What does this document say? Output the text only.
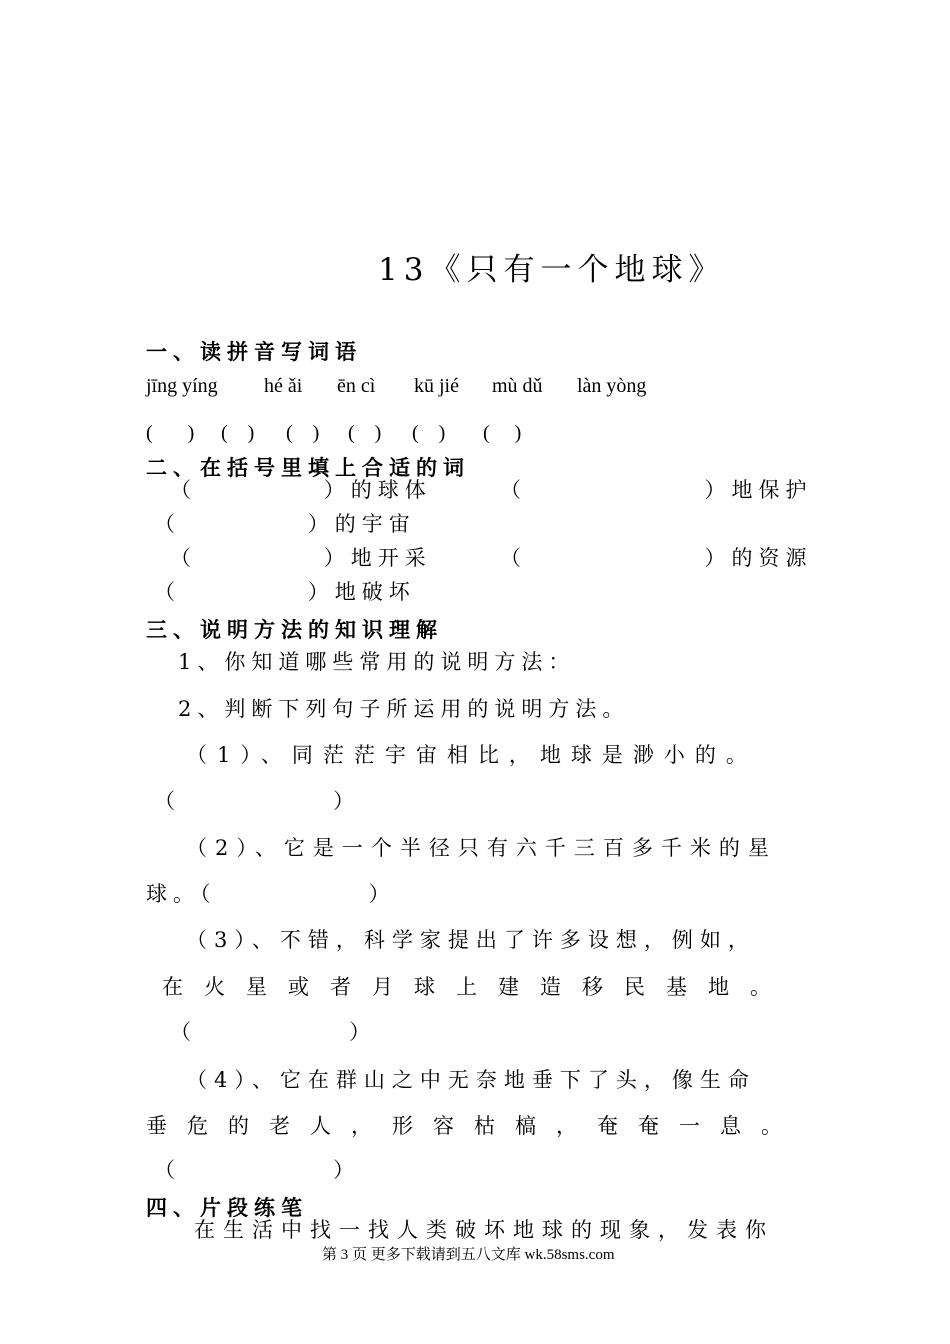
13《只有一个地球》
一、读拼音写词语
jīng yíng hé ǎi ēn cì kū jié mù dǔ làn yòng
(       ) (    ) (    ) (    ) (    ) (     )
二、在括号里填上合适的词
（          ）的球体	（              ）地保护
（          ）的宇宙
（          ）地开采	（              ）的资源
（          ）地破坏
三、说明方法的知识理解
1、你知道哪些常用的说明方法：
2、判断下列句子所运用的说明方法。
（1）、同茫茫宇宙相比，地球是渺小的。
（            ）
（2）、它是一个半径只有六千三百多千米的星
球。（            ）
（3）、不错，科学家提出了许多设想，例如，
在火星或者月球上建造移民基地。
（            ）
（4）、它在群山之中无奈地垂下了头，像生命
垂危的老人，形容枯槁，奄奄一息。
（            ）
四、片段练笔
在生活中找一找人类破坏地球的现象，发表你
第 3 页 更多下载请到五八文库 wk.58sms.com
